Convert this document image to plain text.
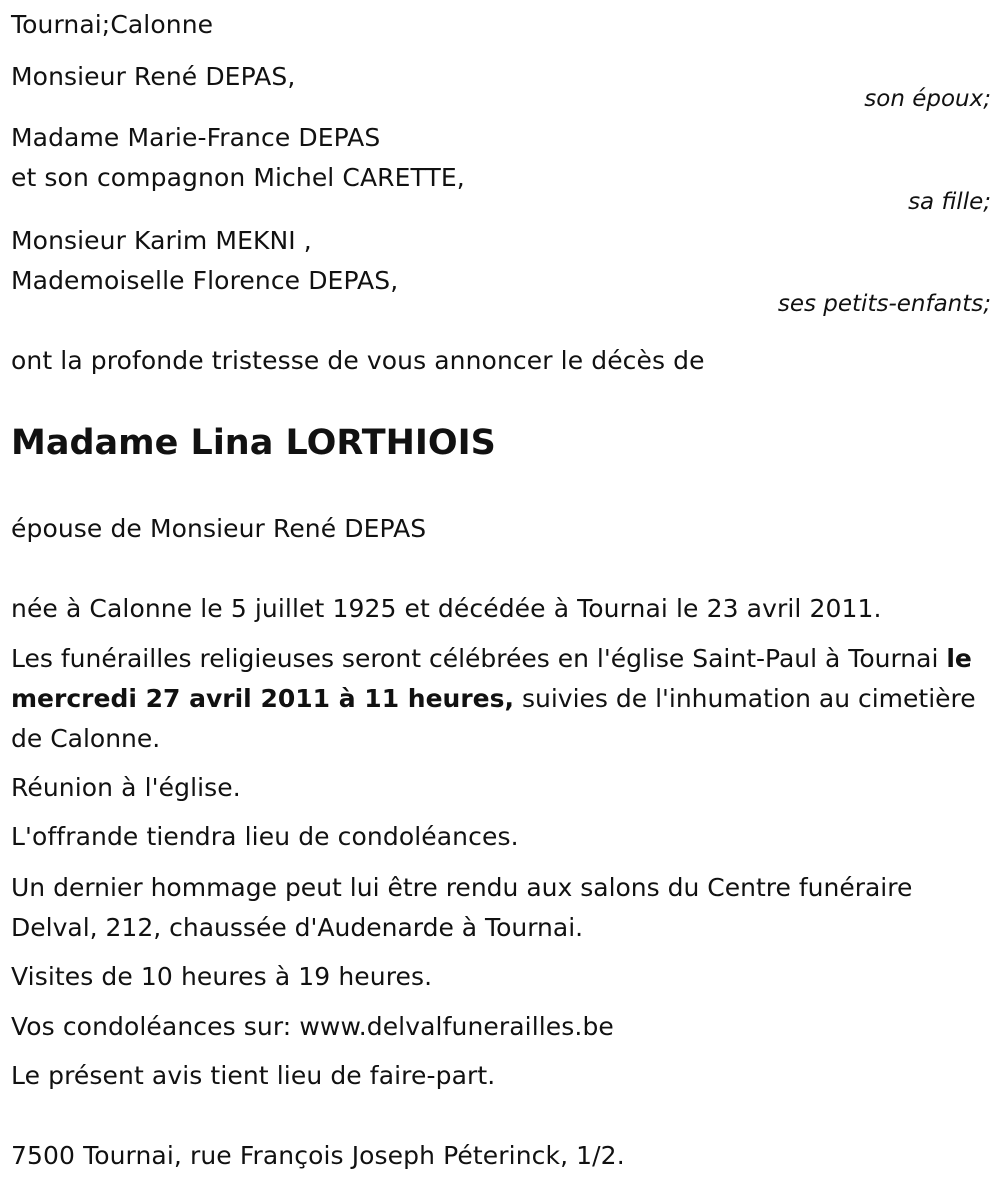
Tournai;Calonne
Monsieur René DEPAS,
son époux;
Madame Marie-France DEPAS
et son compagnon Michel CARETTE,
sa fille;
Monsieur Karim MEKNI ,
Mademoiselle Florence DEPAS,
ses petits-enfants;
ont la profonde tristesse de vous annoncer le décès de
Madame Lina LORTHIOIS
épouse de Monsieur René DEPAS
née à Calonne le 5 juillet 1925 et décédée à Tournai le 23 avril 2011.
Les funérailles religieuses seront célébrées en l'église Saint-Paul à Tournai le mercredi 27 avril 2011 à 11 heures, suivies de l'inhumation au cimetière de Calonne.
Réunion à l'église.
L'offrande tiendra lieu de condoléances.
Un dernier hommage peut lui être rendu aux salons du Centre funéraire Delval, 212, chaussée d'Audenarde à Tournai.
Visites de 10 heures à 19 heures.
Vos condoléances sur: www.delvalfunerailles.be
Le présent avis tient lieu de faire-part.
7500 Tournai, rue François Joseph Péterinck, 1/2.
